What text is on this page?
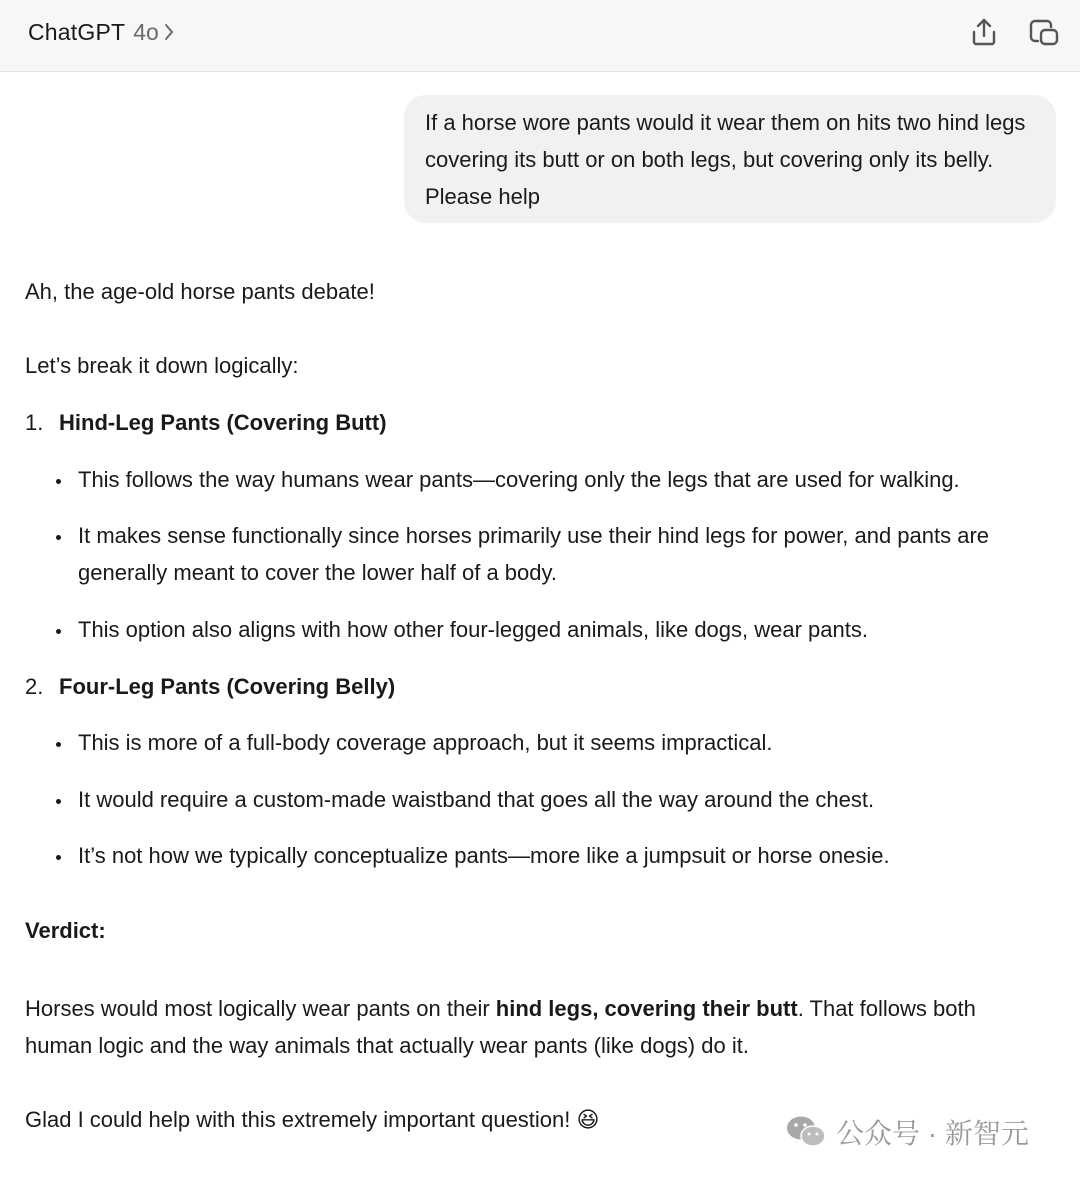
ChatGPT 4o
If a horse wore pants would it wear them on hits two hind legs covering its butt or on both legs, but covering only its belly. Please help
Ah, the age-old horse pants debate!
Let’s break it down logically:
1. Hind-Leg Pants (Covering Butt)
This follows the way humans wear pants—covering only the legs that are used for walking.
It makes sense functionally since horses primarily use their hind legs for power, and pants are generally meant to cover the lower half of a body.
This option also aligns with how other four-legged animals, like dogs, wear pants.
2. Four-Leg Pants (Covering Belly)
This is more of a full-body coverage approach, but it seems impractical.
It would require a custom-made waistband that goes all the way around the chest.
It’s not how we typically conceptualize pants—more like a jumpsuit or horse onesie.
Verdict:
Horses would most logically wear pants on their hind legs, covering their butt. That follows both human logic and the way animals that actually wear pants (like dogs) do it.
Glad I could help with this extremely important question! 😆	公众号 · 新智元
